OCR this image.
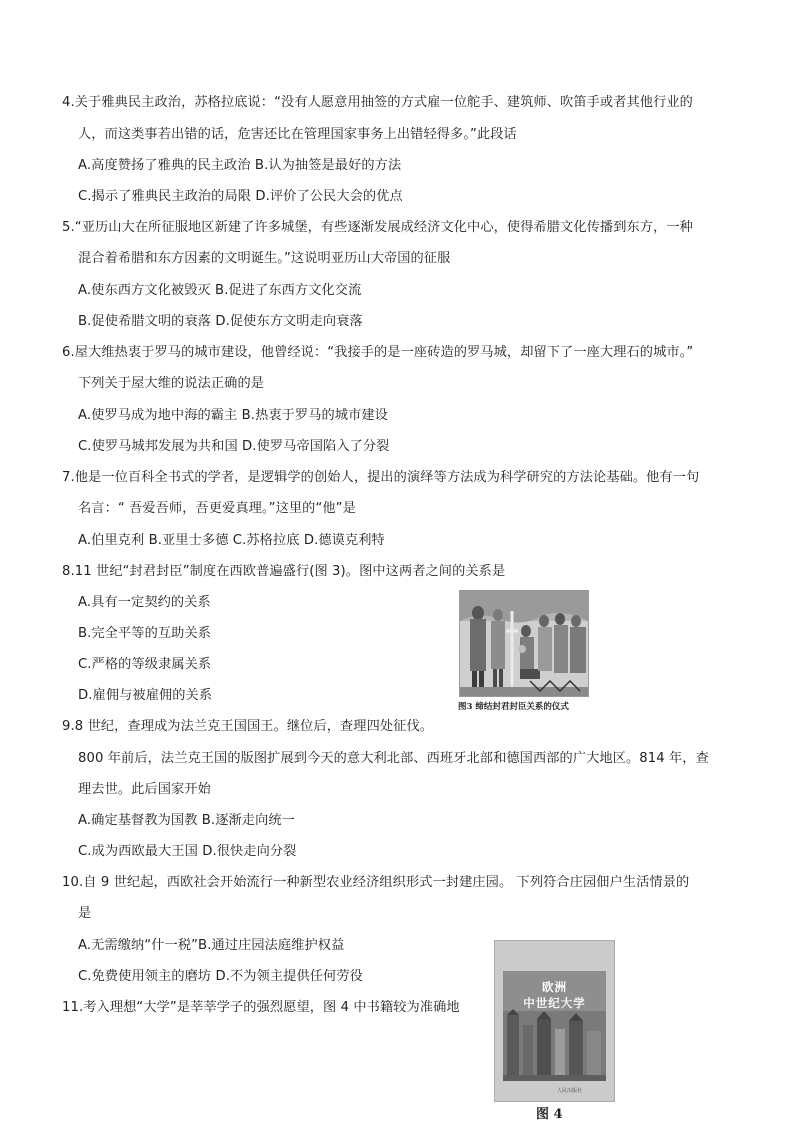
4.关于雅典民主政治，苏格拉底说：“没有人愿意用抽签的方式雇一位舵手、建筑师、吹笛手或者其他行业的
人，而这类事若出错的话，危害还比在管理国家事务上出错轻得多。”此段话
A.高度赞扬了雅典的民主政治 B.认为抽签是最好的方法
C.揭示了雅典民主政治的局限 D.评价了公民大会的优点
5.“亚历山大在所征服地区新建了许多城堡，有些逐渐发展成经济文化中心，使得希腊文化传播到东方，一种
混合着希腊和东方因素的文明诞生。”这说明亚历山大帝国的征服
A.使东西方文化被毁灭 B.促进了东西方文化交流
B.促使希腊文明的衰落 D.促使东方文明走向衰落
6.屋大维热衷于罗马的城市建设，他曾经说：“我接手的是一座砖造的罗马城，却留下了一座大理石的城市。”
下列关于屋大维的说法正确的是
A.使罗马成为地中海的霸主 B.热衷于罗马的城市建设
C.使罗马城邦发展为共和国 D.使罗马帝国陷入了分裂
7.他是一位百科全书式的学者，是逻辑学的创始人，提出的演绎等方法成为科学研究的方法论基础。他有一句
名言：“ 吾爱吾师，吾更爱真理。”这里的“他”是
A.伯里克利 B.亚里士多德 C.苏格拉底 D.德谟克利特
8.11 世纪“封君封臣”制度在西欧普遍盛行(图 3)。图中这两者之间的关系是
A.具有一定契约的关系
B.完全平等的互助关系
C.严格的等级隶属关系
D.雇佣与被雇佣的关系
图3 缔结封君封臣关系的仪式
9.8 世纪，查理成为法兰克王国国王。继位后，查理四处征伐。
800 年前后，法兰克王国的版图扩展到今天的意大利北部、西班牙北部和德国西部的广大地区。814 年，查
理去世。此后国家开始
A.确定基督教为国教 B.逐渐走向统一
C.成为西欧最大王国 D.很快走向分裂
10.自 9 世纪起，西欧社会开始流行一种新型农业经济组织形式一封建庄园。 下列符合庄园佃户生活情景的
是
A.无需缴纳“什一税”B.通过庄园法庭维护权益
C.免费使用领主的磨坊 D.不为领主提供任何劳役
11.考入理想“大学”是莘莘学子的强烈愿望，图 4 中书籍较为准确地
欧洲
中世纪大学
人民出版社
图 4
